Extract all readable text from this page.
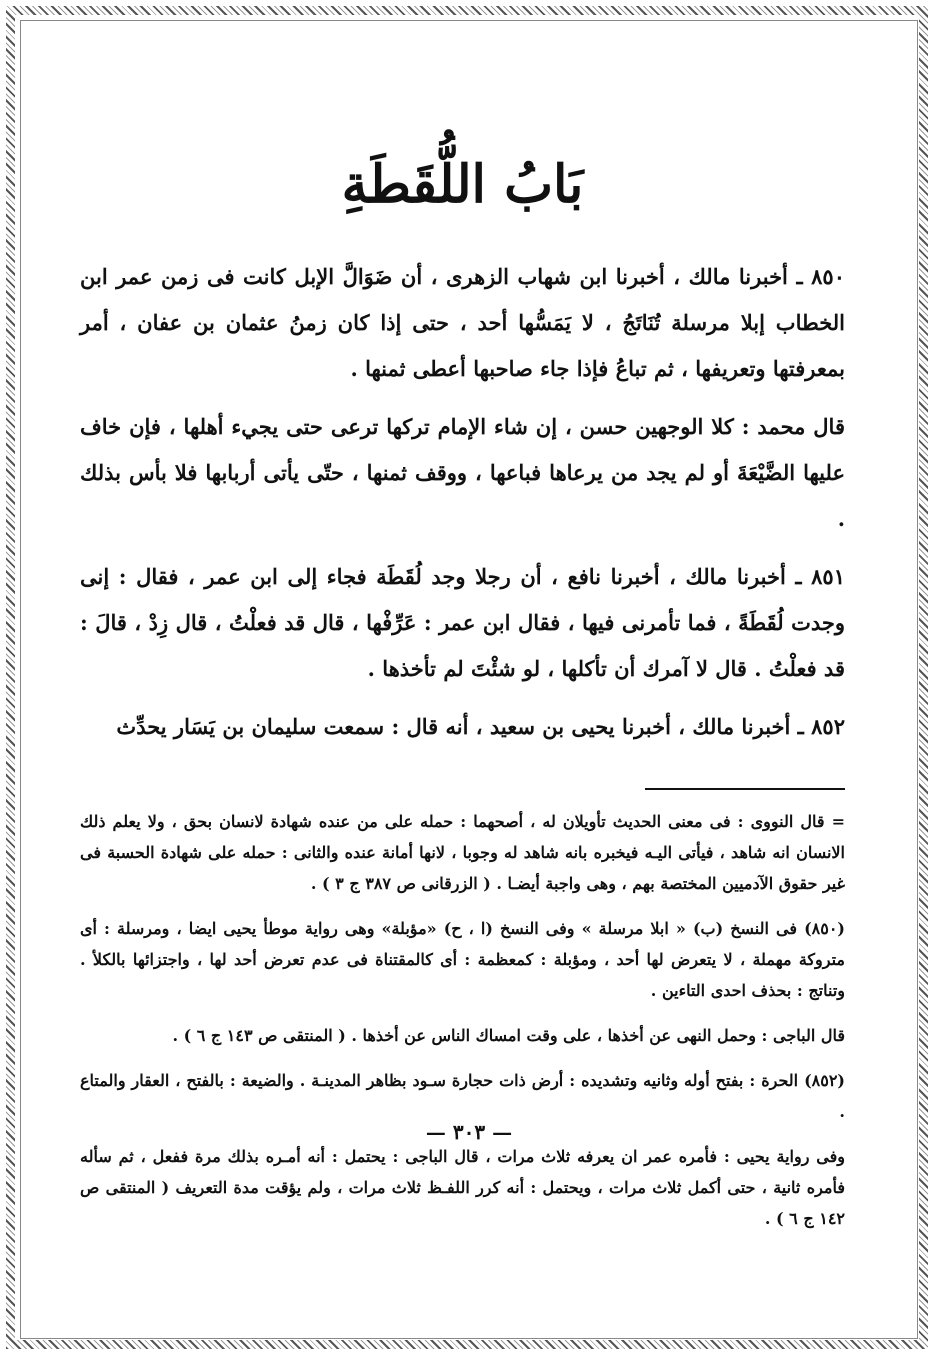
بَابُ اللُّقَطَةِ

٨٥٠ ـ أخبرنا مالك ، أخبرنا ابن شهاب الزهرى ، أن ضَوَالَّ الإبل كانت فى زمن عمر ابن الخطاب إبلا مرسلة تُنَاتَجُ ، لا يَمَسُّها أحد ، حتى إذا كان زمنُ عثمان بن عفان ، أمر بمعرفتها وتعريفها ، ثم تباعُ فإذا جاء صاحبها أعطى ثمنها .

قال محمد : كلا الوجهين حسن ، إن شاء الإمام تركها ترعى حتى يجيء أهلها ، فإن خاف عليها الضَّيْعَةَ أو لم يجد من يرعاها فباعها ، ووقف ثمنها ، حتّى يأتى أربابها فلا بأس بذلك .

٨٥١ ـ أخبرنا مالك ، أخبرنا نافع ، أن رجلا وجد لُقَطَة فجاء إلى ابن عمر ، فقال : إنى وجدت لُقَطَةً ، فما تأمرنى فيها ، فقال ابن عمر : عَرِّفْها ، قال قد فعلْتُ ، قال زِدْ ، قالَ : قد فعلْتُ . قال لا آمرك أن تأكلها ، لو شئْتَ لم تأخذها .

٨٥٢ ـ أخبرنا مالك ، أخبرنا يحيى بن سعيد ، أنه قال : سمعت سليمان بن يَسَار يحدِّث

= قال النووى : فى معنى الحديث تأويلان له ، أصحهما : حمله على من عنده شهادة لانسان بحق ، ولا يعلم ذلك الانسان انه شاهد ، فيأتى اليـه فيخبره بانه شاهد له وجوبا ، لانها أمانة عنده والثانى : حمله على شهادة الحسبة فى غير حقوق الآدميين المختصة بهم ، وهى واجبة أيضـا . ( الزرقانى ص ٣٨٧ ج ٣ ) .

(٨٥٠) فى النسخ (ب) « ابلا مرسلة » وفى النسخ (ا ، ح) «مؤبلة» وهى رواية موطأ يحيى ايضا ، ومرسلة : أى متروكة مهملة ، لا يتعرض لها أحد ، ومؤبلة : كمعظمة : أى كالمقتناة فى عدم تعرض أحد لها ، واجتزائها بالكلأ . وتناتج : بحذف احدى التاءين .

قال الباجى : وحمل النهى عن أخذها ، على وقت امساك الناس عن أخذها . ( المنتقى ص ١٤٣ ج ٦ ) .

(٨٥٢) الحرة : بفتح أوله وثانيه وتشديده : أرض ذات حجارة سـود بظاهر المدينـة . والضيعة : بالفتح ، العقار والمتاع .

وفى رواية يحيى : فأمره عمر ان يعرفه ثلاث مرات ، قال الباجى : يحتمل : أنه أمـره بذلك مرة ففعل ، ثم سأله فأمره ثانية ، حتى أكمل ثلاث مرات ، ويحتمل : أنه كرر اللفـظ ثلاث مرات ، ولم يؤقت مدة التعريف ( المنتقى ص ١٤٢ ج ٦ ) .

— ٣٠٣ —
